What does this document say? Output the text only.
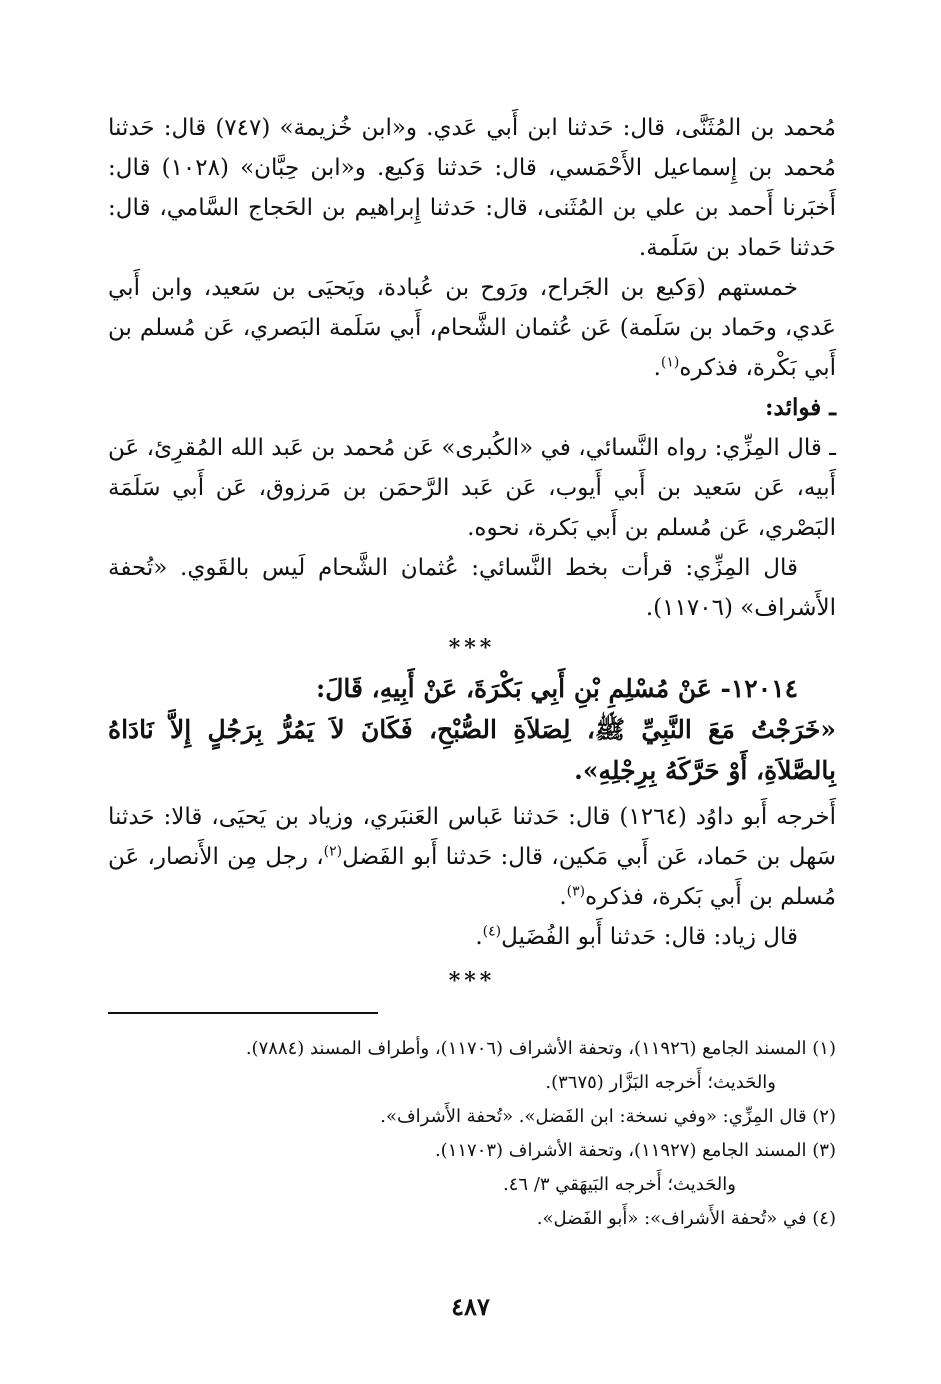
مُحمد بن المُثَنَّى، قال: حَدثنا ابن أَبي عَدي. و«ابن خُزيمة» (٧٤٧) قال: حَدثنا مُحمد بن إِسماعيل الأَحْمَسي، قال: حَدثنا وَكيع. و«ابن حِبَّان» (١٠٢٨) قال: أَخبَرنا أَحمد بن علي بن المُثَنى، قال: حَدثنا إِبراهيم بن الحَجاج السَّامي، قال: حَدثنا حَماد بن سَلَمة.

خمستهم (وَكيع بن الجَراح، ورَوح بن عُبادة، ويَحيَى بن سَعيد، وابن أَبي عَدي، وحَماد بن سَلَمة) عَن عُثمان الشَّحام، أَبي سَلَمة البَصري، عَن مُسلم بن أَبي بَكْرة، فذكره$^{(١)}$.

ـ فوائد:

ـ قال المِزِّي: رواه النَّسائي، في «الكُبرى» عَن مُحمد بن عَبد الله المُقرِئ، عَن أَبيه، عَن سَعيد بن أَبي أَيوب، عَن عَبد الرَّحمَن بن مَرزوق، عَن أَبي سَلَمَة البَصْري، عَن مُسلم بن أَبي بَكرة، نحوه.

قال المِزِّي: قرأت بخط النَّسائي: عُثمان الشَّحام لَيس بالقَوي. «تُحفة الأَشراف» (١١٧٠٦).

***

١٢٠١٤- عَنْ مُسْلِمِ بْنِ أَبِي بَكْرَةَ، عَنْ أَبِيهِ، قَالَ:

«خَرَجْتُ مَعَ النَّبِيِّ ﷺ، لِصَلاَةِ الصُّبْحِ، فَكَانَ لاَ يَمُرُّ بِرَجُلٍ إِلاَّ نَادَاهُ بِالصَّلاَةِ، أَوْ حَرَّكَهُ بِرِجْلِهِ».

أَخرجه أَبو داوُد (١٢٦٤) قال: حَدثنا عَباس العَنبَري، وزياد بن يَحيَى، قالا: حَدثنا سَهل بن حَماد، عَن أَبي مَكين، قال: حَدثنا أَبو الفَضل$^{(٢)}$، رجل مِن الأَنصار، عَن مُسلم بن أَبي بَكرة، فذكره$^{(٣)}$.

قال زياد: قال: حَدثنا أَبو الفُضَيل$^{(٤)}$.

***

(١) المسند الجامع (١١٩٢٦)، وتحفة الأشراف (١١٧٠٦)، وأطراف المسند (٧٨٨٤).

والحَديث؛ أَخرجه البَزَّار (٣٦٧٥).

(٢) قال المِزِّي: «وفي نسخة: ابن الفَضل». «تُحفة الأَشراف».

(٣) المسند الجامع (١١٩٢٧)، وتحفة الأشراف (١١٧٠٣).

والحَديث؛ أَخرجه البَيهَقي ٣/ ٤٦.

(٤) في «تُحفة الأَشراف»: «أَبو الفَضل».

٤٨٧
